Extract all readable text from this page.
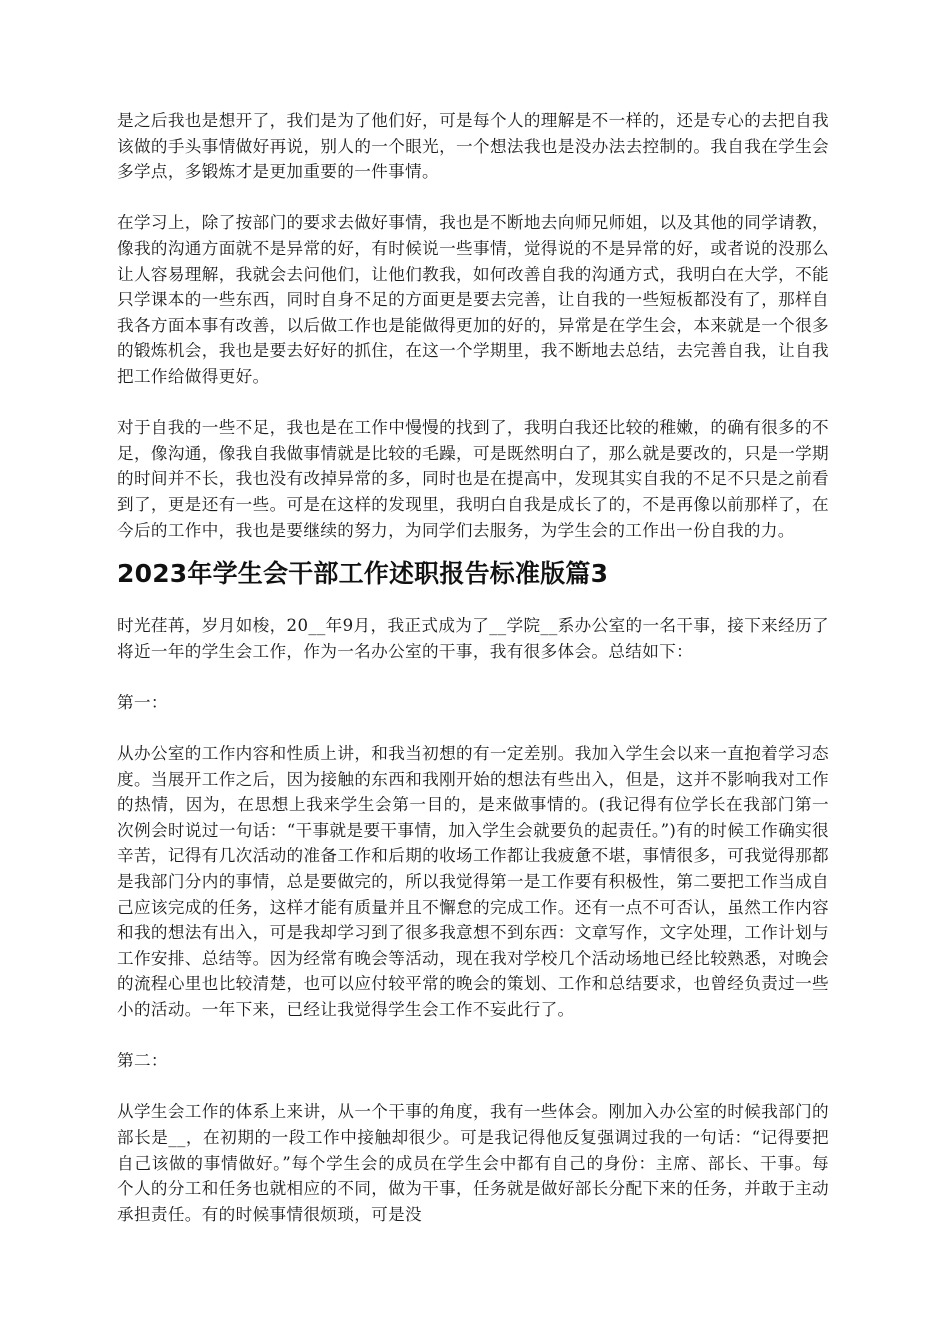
是之后我也是想开了，我们是为了他们好，可是每个人的理解是不一样的，还是专心的去把自我该做的手头事情做好再说，别人的一个眼光，一个想法我也是没办法去控制的。我自我在学生会多学点，多锻炼才是更加重要的一件事情。

在学习上，除了按部门的要求去做好事情，我也是不断地去向师兄师姐，以及其他的同学请教，像我的沟通方面就不是异常的好，有时候说一些事情，觉得说的不是异常的好，或者说的没那么让人容易理解，我就会去问他们，让他们教我，如何改善自我的沟通方式，我明白在大学，不能只学课本的一些东西，同时自身不足的方面更是要去完善，让自我的一些短板都没有了，那样自我各方面本事有改善，以后做工作也是能做得更加的好的，异常是在学生会，本来就是一个很多的锻炼机会，我也是要去好好的抓住，在这一个学期里，我不断地去总结，去完善自我，让自我把工作给做得更好。

对于自我的一些不足，我也是在工作中慢慢的找到了，我明白我还比较的稚嫩，的确有很多的不足，像沟通，像我自我做事情就是比较的毛躁，可是既然明白了，那么就是要改的，只是一学期的时间并不长，我也没有改掉异常的多，同时也是在提高中，发现其实自我的不足不只是之前看到了，更是还有一些。可是在这样的发现里，我明白自我是成长了的，不是再像以前那样了，在今后的工作中，我也是要继续的努力，为同学们去服务，为学生会的工作出一份自我的力。

2023年学生会干部工作述职报告标准版篇3

时光荏苒，岁月如梭，20__年9月，我正式成为了__学院__系办公室的一名干事，接下来经历了将近一年的学生会工作，作为一名办公室的干事，我有很多体会。总结如下：

第一：

从办公室的工作内容和性质上讲，和我当初想的有一定差别。我加入学生会以来一直抱着学习态度。当展开工作之后，因为接触的东西和我刚开始的想法有些出入，但是，这并不影响我对工作的热情，因为，在思想上我来学生会第一目的，是来做事情的。(我记得有位学长在我部门第一次例会时说过一句话：“干事就是要干事情，加入学生会就要负的起责任。”)有的时候工作确实很辛苦，记得有几次活动的准备工作和后期的收场工作都让我疲惫不堪，事情很多，可我觉得那都是我部门分内的事情，总是要做完的，所以我觉得第一是工作要有积极性，第二要把工作当成自己应该完成的任务，这样才能有质量并且不懈怠的完成工作。还有一点不可否认，虽然工作内容和我的想法有出入，可是我却学习到了很多我意想不到东西：文章写作，文字处理，工作计划与工作安排、总结等。因为经常有晚会等活动，现在我对学校几个活动场地已经比较熟悉，对晚会的流程心里也比较清楚，也可以应付较平常的晚会的策划、工作和总结要求，也曾经负责过一些小的活动。一年下来，已经让我觉得学生会工作不妄此行了。

第二：

从学生会工作的体系上来讲，从一个干事的角度，我有一些体会。刚加入办公室的时候我部门的部长是__，在初期的一段工作中接触却很少。可是我记得他反复强调过我的一句话：“记得要把自己该做的事情做好。”每个学生会的成员在学生会中都有自己的身份：主席、部长、干事。每个人的分工和任务也就相应的不同，做为干事，任务就是做好部长分配下来的任务，并敢于主动承担责任。有的时候事情很烦琐，可是没
